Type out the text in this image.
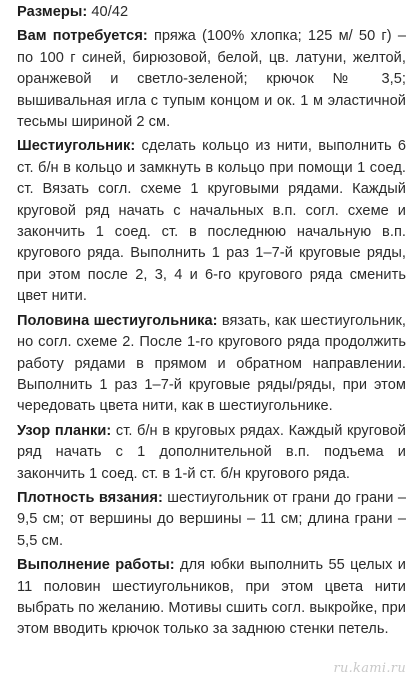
Размеры: 40/42

Вам потребуется: пряжа (100% хлопка; 125 м/ 50 г) – по 100 г синей, бирюзовой, белой, цв. латуни, желтой, оранжевой и светло-зеленой; крючок № 3,5; вышивальная игла с тупым концом и ок. 1 м эластичной тесьмы шириной 2 см.

Шестиугольник: сделать кольцо из нити, выполнить 6 ст. б/н в кольцо и замкнуть в кольцо при помощи 1 соед. ст. Вязать согл. схеме 1 круговыми рядами. Каждый круговой ряд начать с начальных в.п. согл. схеме и закончить 1 соед. ст. в последнюю начальную в.п. кругового ряда. Выполнить 1 раз 1–7-й круговые ряды, при этом после 2, 3, 4 и 6-го кругового ряда сменить цвет нити.

Половина шестиугольника: вязать, как шестиугольник, но согл. схеме 2. После 1-го кругового ряда продолжить работу рядами в прямом и обратном направлении. Выполнить 1 раз 1–7-й круговые ряды/ряды, при этом чередовать цвета нити, как в шестиугольнике.

Узор планки: ст. б/н в круговых рядах. Каждый круговой ряд начать с 1 дополнительной в.п. подъема и закончить 1 соед. ст. в 1-й ст. б/н кругового ряда.

Плотность вязания: шестиугольник от грани до грани – 9,5 см; от вершины до вершины – 11 см; длина грани – 5,5 см.

Выполнение работы: для юбки выполнить 55 целых и 11 половин шестиугольников, при этом цвета нити выбрать по желанию. Мотивы сшить согл. выкройке, при этом вводить крючок только за заднюю стенки петель.

ru.kami.ru
